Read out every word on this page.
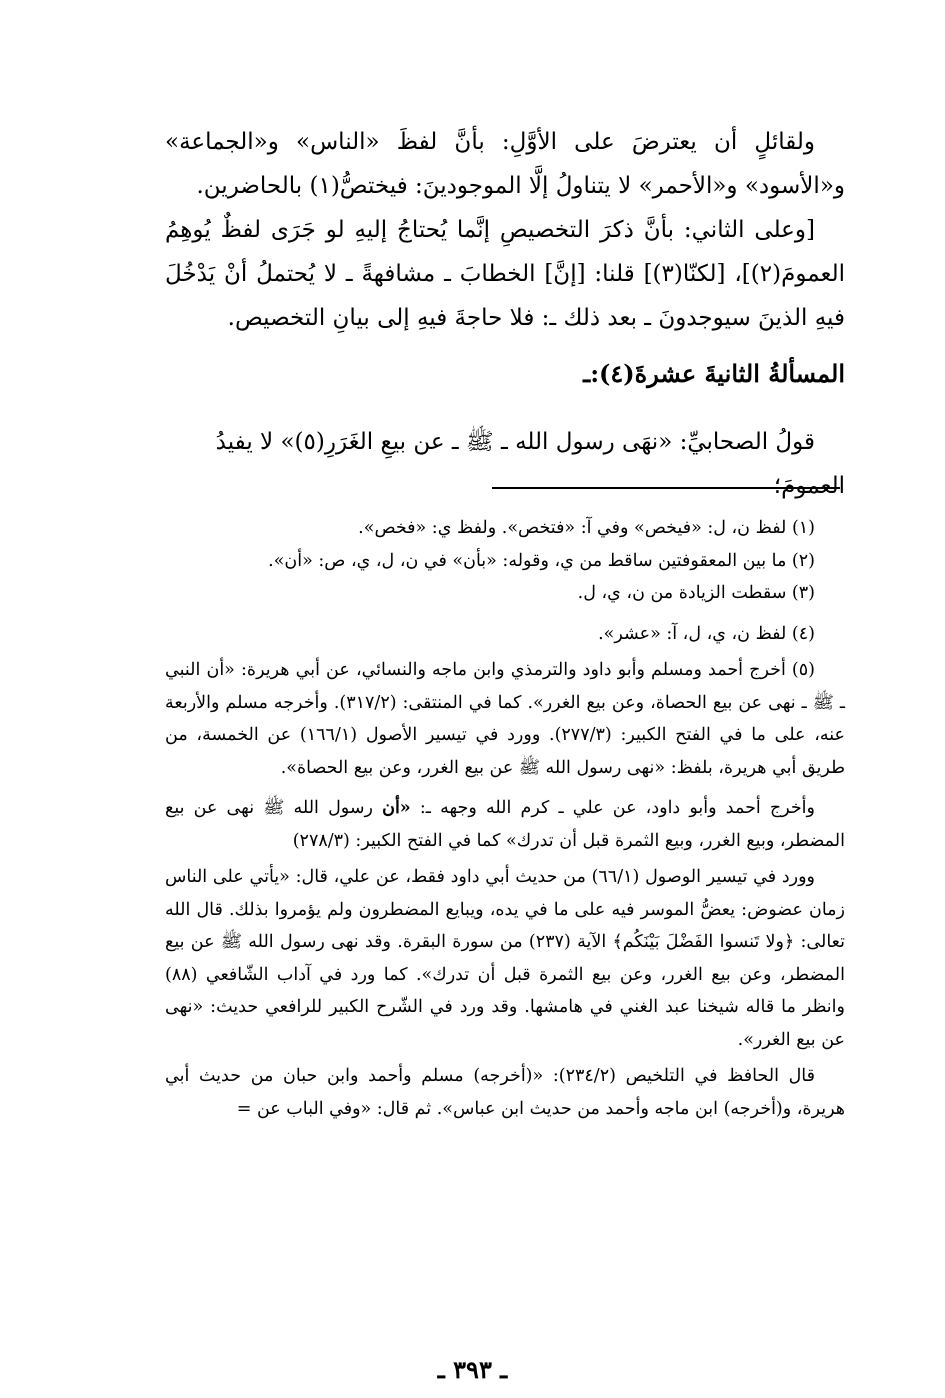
ولقائلٍ أن يعترضَ على الأوَّلِ: بأنَّ لفظَ «الناس» و«الجماعة» و«الأسود» و«الأحمر» لا يتناولُ إلَّا الموجودينَ: فيختصُّ(١) بالحاضرين.

[وعلى الثاني: بأنَّ ذكرَ التخصيصِ إنَّما يُحتاجُ إليهِ لو جَرَى لفظٌ يُوهِمُ العمومَ(٢)]، [لكنّا(٣)] قلنا: [إنَّ] الخطابَ ـ مشافهةً ـ لا يُحتملُ أنْ يَدْخُلَ فيهِ الذينَ سيوجدونَ ـ بعد ذلك ـ: فلا حاجةَ فيهِ إلى بيانِ التخصيص.

المسألةُ الثانيةَ عشرةَ(٤):ـ
قولُ الصحابيِّ: «نهَى رسول الله ـ ﷺ ـ عن بيعِ الغَرَرِ(٥)» لا يفيدُ العمومَ؛

(١) لفظ ن، ل: «فيخص» وفي آ: «فتخص». ولفظ ي: «فخص».

(٢) ما بين المعقوفتين ساقط من ي، وقوله: «بأن» في ن، ل، ي، ص: «أن».

(٣) سقطت الزيادة من ن، ي، ل.

(٤) لفظ ن، ي، ل، آ: «عشر».

(٥) أخرج أحمد ومسلم وأبو داود والترمذي وابن ماجه والنسائي، عن أبي هريرة: «أن النبي ـ ﷺ ـ نهى عن بيع الحصاة، وعن بيع الغرر». كما في المنتقى: (٣١٧/٢). وأخرجه مسلم والأربعة عنه، على ما في الفتح الكبير: (٢٧٧/٣). وورد في تيسير الأصول (١٦٦/١) عن الخمسة، من طريق أبي هريرة، بلفظ: «نهى رسول الله ﷺ عن بيع الغرر، وعن بيع الحصاة».

وأخرج أحمد وأبو داود، عن علي ـ كرم الله وجهه ـ: «أن رسول الله ﷺ نهى عن بيع المضطر، وبيع الغرر، وبيع الثمرة قبل أن تدرك» كما في الفتح الكبير: (٢٧٨/٣)

وورد في تيسير الوصول (٦٦/١) من حديث أبي داود فقط، عن علي، قال: «يأتي على الناس زمان عضوض: يعضُّ الموسر فيه على ما في يده، ويبايع المضطرون ولم يؤمروا بذلك. قال الله تعالى: ﴿ولا تَنسوا الفَضْلَ بَيْنَكُم﴾ الآية (٢٣٧) من سورة البقرة. وقد نهى رسول الله ﷺ عن بيع المضطر، وعن بيع الغرر، وعن بيع الثمرة قبل أن تدرك». كما ورد في آداب الشّافعي (٨٨) وانظر ما قاله شيخنا عبد الغني في هامشها. وقد ورد في الشّرح الكبير للرافعي حديث: «نهى عن بيع الغرر».

قال الحافظ في التلخيص (٢٣٤/٢): «(أخرجه) مسلم وأحمد وابن حبان من حديث أبي هريرة، و(أخرجه) ابن ماجه وأحمد من حديث ابن عباس». ثم قال: «وفي الباب عن =

ـ ٣٩٣ ـ
